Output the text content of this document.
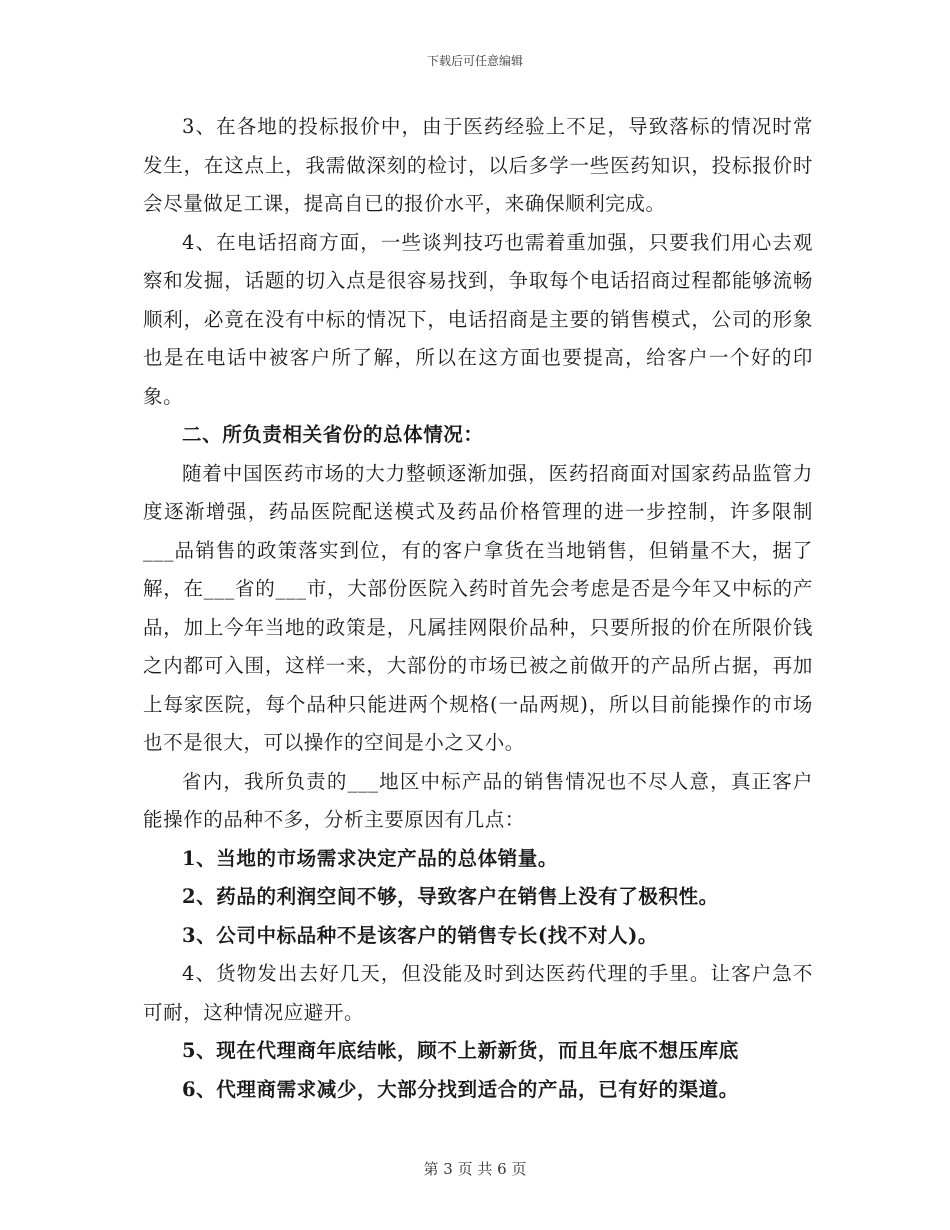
下载后可任意编辑

3、在各地的投标报价中，由于医药经验上不足，导致落标的情况时常发生，在这点上，我需做深刻的检讨，以后多学一些医药知识，投标报价时会尽量做足工课，提高自已的报价水平，来确保顺利完成。

4、在电话招商方面，一些谈判技巧也需着重加强，只要我们用心去观察和发掘，话题的切入点是很容易找到，争取每个电话招商过程都能够流畅顺利，必竟在没有中标的情况下，电话招商是主要的销售模式，公司的形象也是在电话中被客户所了解，所以在这方面也要提高，给客户一个好的印象。

二、所负责相关省份的总体情况：

随着中国医药市场的大力整顿逐渐加强，医药招商面对国家药品监管力度逐渐增强，药品医院配送模式及药品价格管理的进一步控制，许多限制___品销售的政策落实到位，有的客户拿货在当地销售，但销量不大，据了解，在___省的___市，大部份医院入药时首先会考虑是否是今年又中标的产品，加上今年当地的政策是，凡属挂网限价品种，只要所报的价在所限价钱之内都可入围，这样一来，大部份的市场已被之前做开的产品所占据，再加上每家医院，每个品种只能进两个规格(一品两规)，所以目前能操作的市场也不是很大，可以操作的空间是小之又小。

省内，我所负责的___地区中标产品的销售情况也不尽人意，真正客户能操作的品种不多，分析主要原因有几点：

1、当地的市场需求决定产品的总体销量。

2、药品的利润空间不够，导致客户在销售上没有了极积性。

3、公司中标品种不是该客户的销售专长(找不对人)。

4、货物发出去好几天，但没能及时到达医药代理的手里。让客户急不可耐，这种情况应避开。

5、现在代理商年底结帐，顾不上新新货，而且年底不想压库底

6、代理商需求减少，大部分找到适合的产品，已有好的渠道。

第 3 页 共 6 页
